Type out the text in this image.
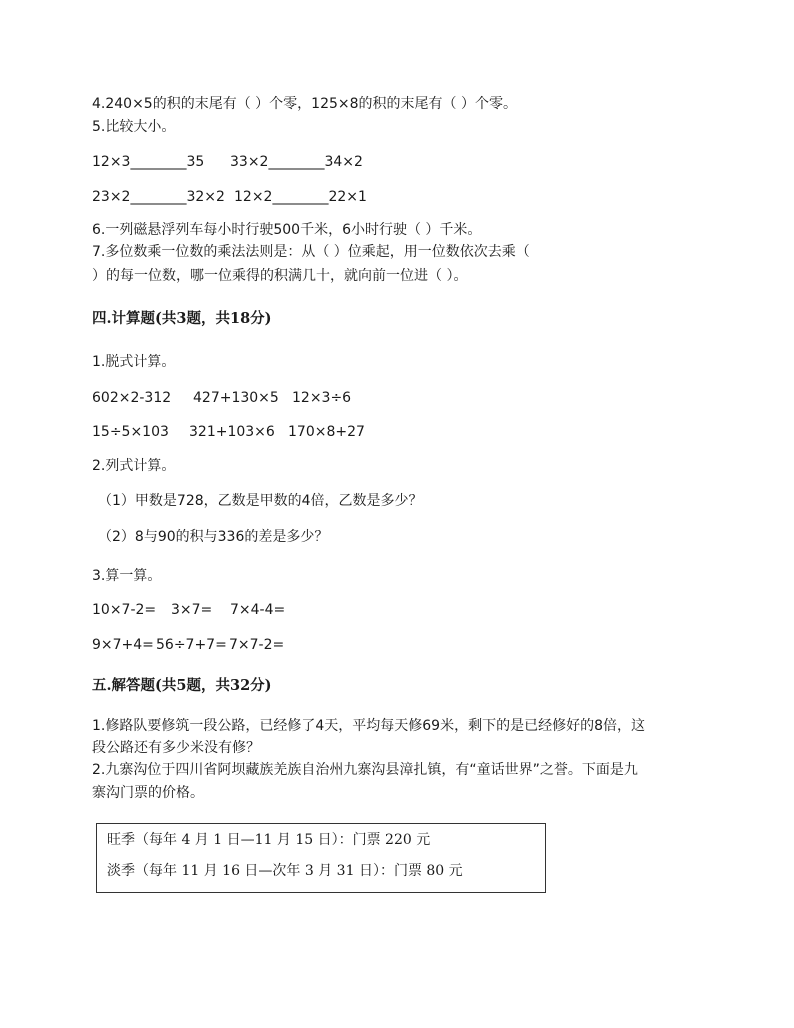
4.240×5的积的末尾有（ ）个零，125×8的积的末尾有（ ）个零。
5.比较大小。
12×3________35 33×2________34×2
23×2________32×2 12×2________22×1
6.一列磁悬浮列车每小时行驶500千米，6小时行驶（ ）千米。
7.多位数乘一位数的乘法法则是：从（ ）位乘起，用一位数依次去乘（
）的每一位数，哪一位乘得的积满几十，就向前一位进（ ）。
四.计算题(共3题，共18分)
1.脱式计算。
602×2-312 427+130×5 12×3÷6
15÷5×103 321+103×6 170×8+27
2.列式计算。
（1）甲数是728，乙数是甲数的4倍，乙数是多少？
（2）8与90的积与336的差是多少？
3.算一算。
10×7-2= 3×7= 7×4-4=
9×7+4= 56÷7+7= 7×7-2=
五.解答题(共5题，共32分)
1.修路队要修筑一段公路，已经修了4天，平均每天修69米，剩下的是已经修好的8倍，这
段公路还有多少米没有修？
2.九寨沟位于四川省阿坝藏族羌族自治州九寨沟县漳扎镇，有“童话世界”之誉。下面是九
寨沟门票的价格。
旺季（每年 4 月 1 日—11 月 15 日）：门票 220 元
淡季（每年 11 月 16 日—次年 3 月 31 日）：门票 80 元
